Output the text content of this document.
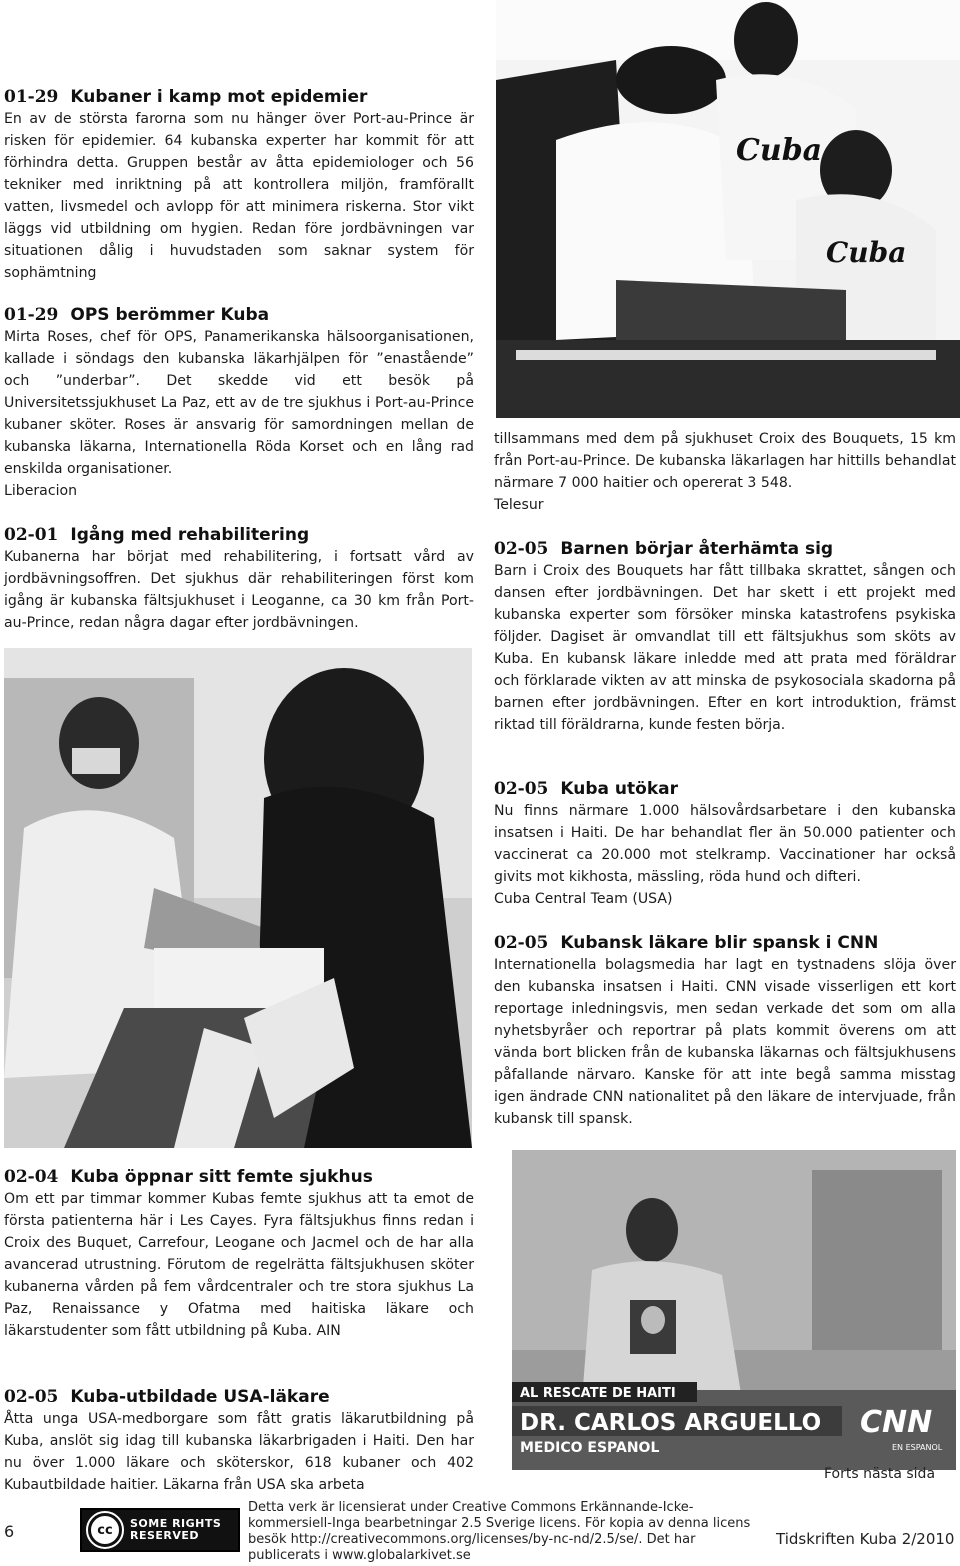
01-29 Kubaner i kamp mot epidemier

En av de största farorna som nu hänger över Port-au-Prince är risken för epidemier. 64 kubanska experter har kommit för att förhindra detta. Gruppen består av åtta epidemiologer och 56 tekniker med inriktning på att kontrollera miljön, framförallt vatten, livsmedel och avlopp för att minimera riskerna. Stor vikt läggs vid utbildning om hygien. Redan före jordbävningen var situationen dålig i huvudstaden som saknar system för sophämtning

01-29 OPS berömmer Kuba

Mirta Roses, chef för OPS, Panamerikanska hälsoorganisationen, kallade i söndags den kubanska läkarhjälpen för ”enastående” och ”underbar”. Det skedde vid ett besök på Universitetssjukhuset La Paz, ett av de tre sjukhus i Port-au-Prince kubaner sköter. Roses är ansvarig för samordningen mellan de kubanska läkarna, Internationella Röda Korset och en lång rad enskilda organisationer.

Liberacion

02-01 Igång med rehabilitering

Kubanerna har börjat med rehabilitering, i fortsatt vård av jordbävningsoffren. Det sjukhus där rehabiliteringen först kom igång är kubanska fältsjukhuset i Leoganne, ca 30 km från Port-au-Prince, redan några dagar efter jordbävningen.

02-04 Kuba öppnar sitt femte sjukhus

Om ett par timmar kommer Kubas femte sjukhus att ta emot de första patienterna här i Les Cayes. Fyra fältsjukhus finns redan i Croix des Buquet, Carrefour, Leogane och Jacmel och de har alla avancerad utrustning. Förutom de regelrätta fältsjukhusen sköter kubanerna vården på fem vårdcentraler och tre stora sjukhus La Paz, Renaissance y Ofatma med haitiska läkare och läkarstudenter som fått utbildning på Kuba. AIN

02-05 Kuba-utbildade USA-läkare

Åtta unga USA-medborgare som fått gratis läkarutbildning på Kuba, anslöt sig idag till kubanska läkarbrigaden i Haiti. Den har nu över 1.000 läkare och sköterskor, 618 kubaner och 402 Kubautbildade haitier. Läkarna från USA ska arbeta

Cuba
Cuba

tillsammans med dem på sjukhuset Croix des Bouquets, 15 km från Port-au-Prince. De kubanska läkarlagen har hittills behandlat närmare 7 000 haitier och opererat 3 548.

Telesur

02-05 Barnen börjar återhämta sig

Barn i Croix des Bouquets har fått tillbaka skrattet, sången och dansen efter jordbävningen. Det har skett i ett projekt med kubanska experter som försöker minska katastrofens psykiska följder. Dagiset är omvandlat till ett fältsjukhus som sköts av Kuba. En kubansk läkare inledde med att prata med föräldrar och förklarade vikten av att minska de psykosociala skadorna på barnen efter jordbävningen. Efter en kort introduktion, främst riktad till föräldrarna, kunde festen börja.

02-05 Kuba utökar

Nu finns närmare 1.000 hälsovårdsarbetare i den kubanska insatsen i Haiti. De har behandlat fler än 50.000 patienter och vaccinerat ca 20.000 mot stelkramp. Vaccinationer har också givits mot kikhosta, mässling, röda hund och difteri.

Cuba Central Team (USA)

02-05 Kubansk läkare blir spansk i CNN

Internationella bolagsmedia har lagt en tystnadens slöja över den kubanska insatsen i Haiti. CNN visade visserligen ett kort reportage inledningsvis, men sedan verkade det som om alla nyhetsbyråer och reportrar på plats kommit överens om att vända bort blicken från de kubanska läkarnas och fältsjukhusens påfallande närvaro. Kanske för att inte begå samma misstag igen ändrade CNN nationalitet på den läkare de intervjuade, från kubansk till spansk.

AL RESCATE DE HAITI
DR. CARLOS ARGUELLO
MEDICO ESPANOL
CNN
EN ESPANOL
Forts nästa sida
6	cc	SOME RIGHTS
RESERVED
Detta verk är licensierat under Creative Commons Erkännande-Icke-kommersiell-Inga bearbetningar 2.5 Sverige licens. För kopia av denna licens besök http://creativecommons.org/licenses/by-nc-nd/2.5/se/. Det har publicerats i www.globalarkivet.se
Tidskriften Kuba 2/2010
